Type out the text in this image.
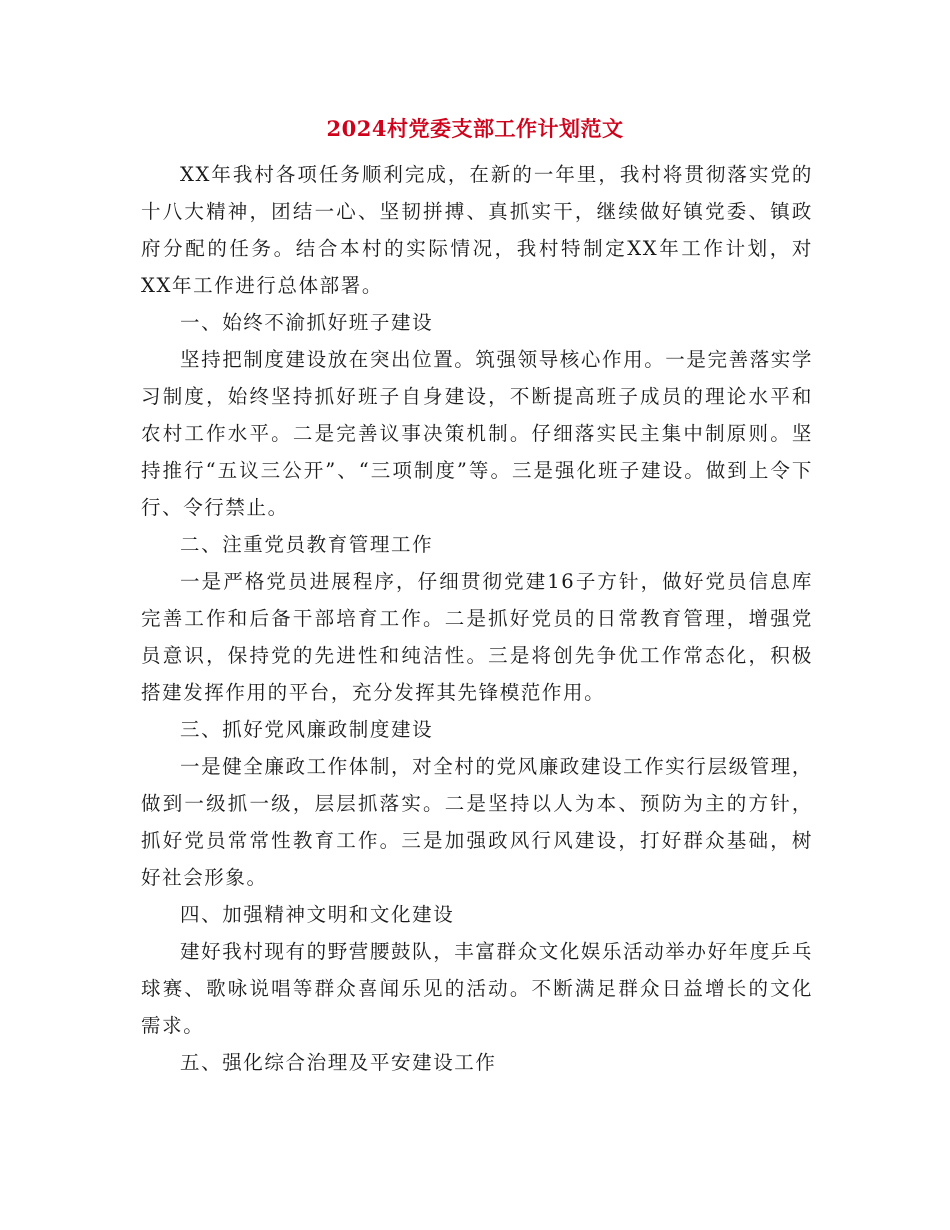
2024村党委支部工作计划范文

XX年我村各项任务顺利完成，在新的一年里，我村将贯彻落实党的十八大精神，团结一心、坚韧拼搏、真抓实干，继续做好镇党委、镇政府分配的任务。结合本村的实际情况，我村特制定XX年工作计划，对XX年工作进行总体部署。

一、始终不渝抓好班子建设

坚持把制度建设放在突出位置。筑强领导核心作用。一是完善落实学习制度，始终坚持抓好班子自身建设，不断提高班子成员的理论水平和农村工作水平。二是完善议事决策机制。仔细落实民主集中制原则。坚持推行“五议三公开”、“三项制度”等。三是强化班子建设。做到上令下行、令行禁止。

二、注重党员教育管理工作

一是严格党员进展程序，仔细贯彻党建16子方针，做好党员信息库完善工作和后备干部培育工作。二是抓好党员的日常教育管理，增强党员意识，保持党的先进性和纯洁性。三是将创先争优工作常态化，积极搭建发挥作用的平台，充分发挥其先锋模范作用。

三、抓好党风廉政制度建设

一是健全廉政工作体制，对全村的党风廉政建设工作实行层级管理，做到一级抓一级，层层抓落实。二是坚持以人为本、预防为主的方针，抓好党员常常性教育工作。三是加强政风行风建设，打好群众基础，树好社会形象。

四、加强精神文明和文化建设

建好我村现有的野营腰鼓队，丰富群众文化娱乐活动举办好年度乒乓球赛、歌咏说唱等群众喜闻乐见的活动。不断满足群众日益增长的文化需求。

五、强化综合治理及平安建设工作
